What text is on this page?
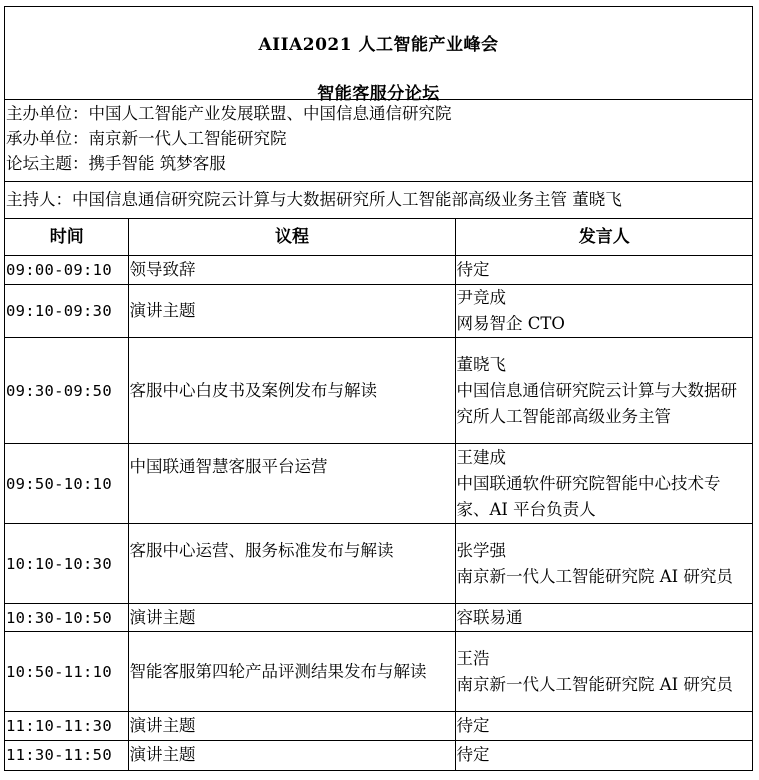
AIIA2021 人工智能产业峰会
智能客服分论坛
主办单位：中国人工智能产业发展联盟、中国信息通信研究院
承办单位：南京新一代人工智能研究院
论坛主题：携手智能 筑梦客服
主持人：中国信息通信研究院云计算与大数据研究所人工智能部高级业务主管 董晓飞
时间	议程	发言人
09:00-09:10	领导致辞	待定

09:10-09:30	演讲主题	尹竞成
网易智企 CTO

09:30-09:50	客服中心白皮书及案例发布与解读	董晓飞
中国信息通信研究院云计算与大数据研究所人工智能部高级业务主管

09:50-10:10	中国联通智慧客服平台运营	王建成
中国联通软件研究院智能中心技术专家、AI 平台负责人

10:10-10:30	客服中心运营、服务标准发布与解读	张学强
南京新一代人工智能研究院 AI 研究员

10:30-10:50	演讲主题	容联易通

10:50-11:10	智能客服第四轮产品评测结果发布与解读	王浩
南京新一代人工智能研究院 AI 研究员

11:10-11:30	演讲主题	待定

11:30-11:50	演讲主题	待定
